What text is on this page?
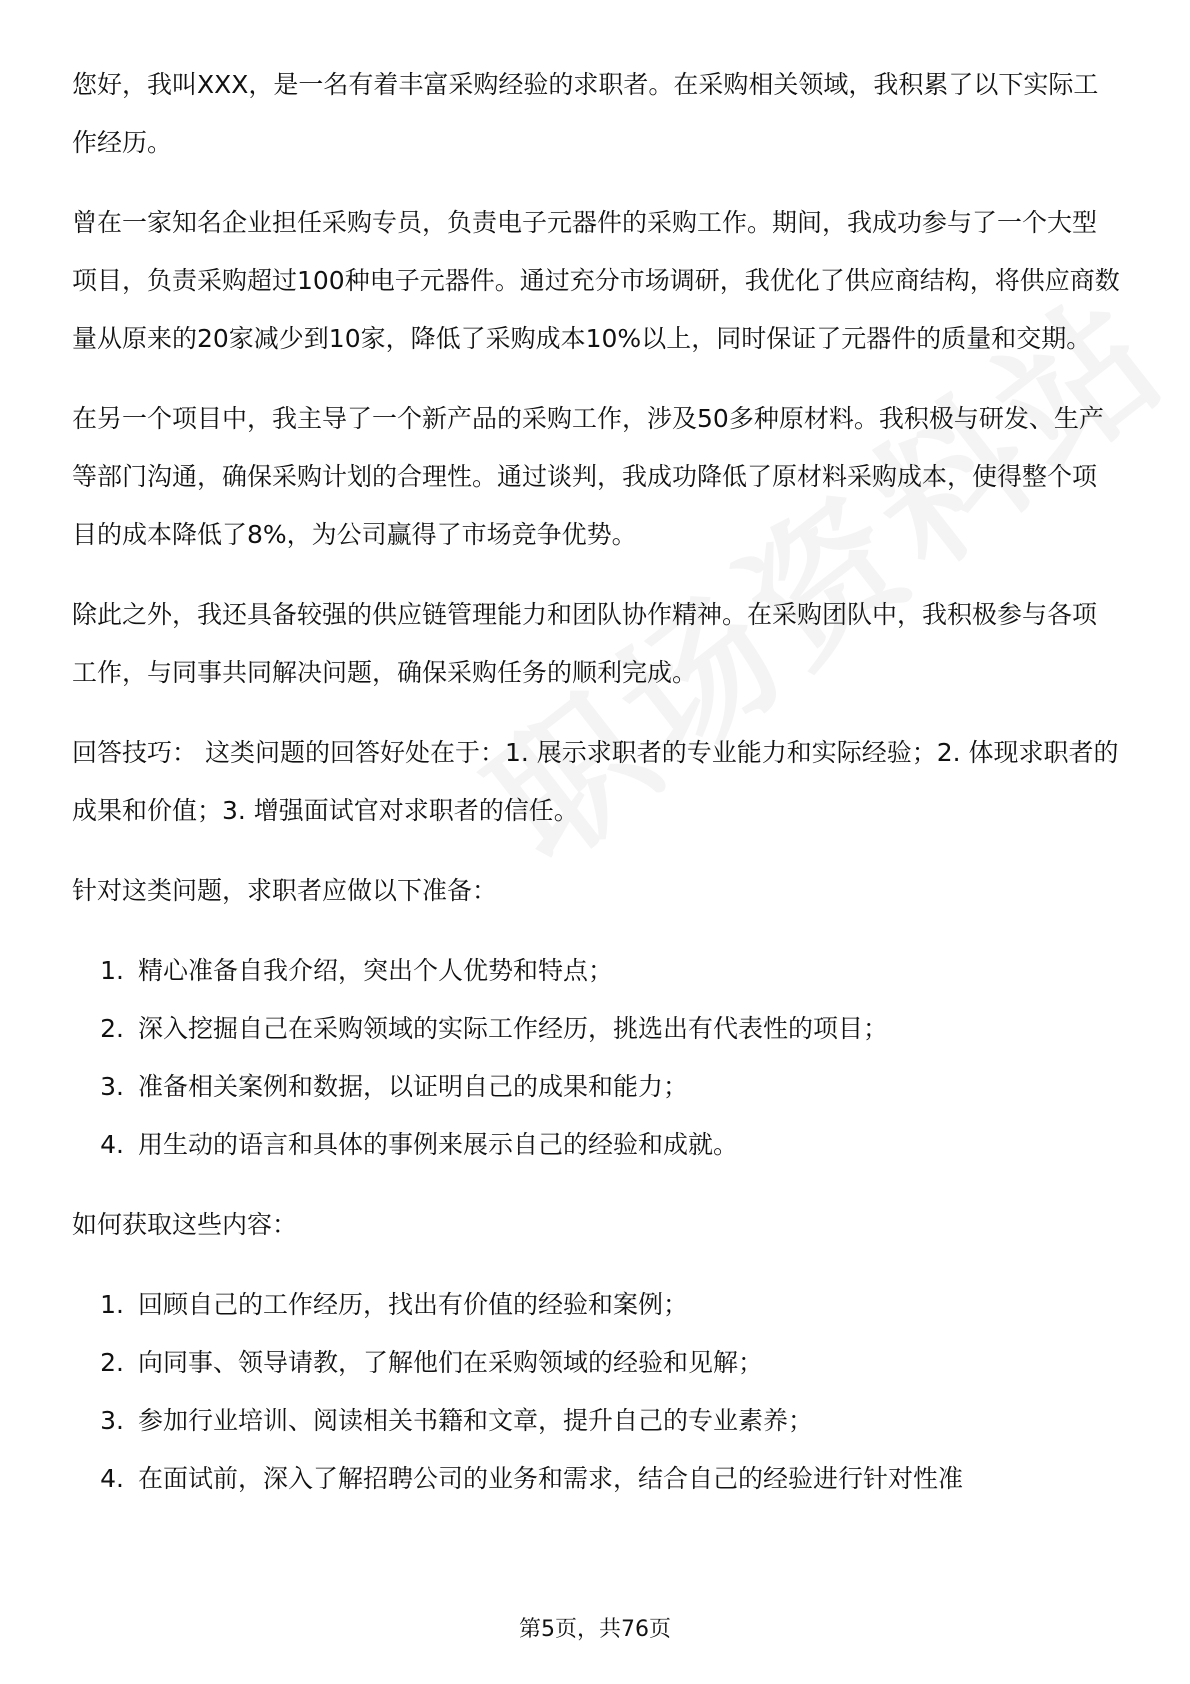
您好，我叫XXX，是一名有着丰富采购经验的求职者。在采购相关领域，我积累了以下实际工作经历。

曾在一家知名企业担任采购专员，负责电子元器件的采购工作。期间，我成功参与了一个大型项目，负责采购超过100种电子元器件。通过充分市场调研，我优化了供应商结构，将供应商数量从原来的20家减少到10家，降低了采购成本10%以上，同时保证了元器件的质量和交期。

在另一个项目中，我主导了一个新产品的采购工作，涉及50多种原材料。我积极与研发、生产等部门沟通，确保采购计划的合理性。通过谈判，我成功降低了原材料采购成本，使得整个项目的成本降低了8%，为公司赢得了市场竞争优势。

除此之外，我还具备较强的供应链管理能力和团队协作精神。在采购团队中，我积极参与各项工作，与同事共同解决问题，确保采购任务的顺利完成。

回答技巧： 这类问题的回答好处在于：1. 展示求职者的专业能力和实际经验；2. 体现求职者的成果和价值；3. 增强面试官对求职者的信任。

针对这类问题，求职者应做以下准备：

1. 精心准备自我介绍，突出个人优势和特点；
2. 深入挖掘自己在采购领域的实际工作经历，挑选出有代表性的项目；
3. 准备相关案例和数据，以证明自己的成果和能力；
4. 用生动的语言和具体的事例来展示自己的经验和成就。

如何获取这些内容：

1. 回顾自己的工作经历，找出有价值的经验和案例；
2. 向同事、领导请教，了解他们在采购领域的经验和见解；
3. 参加行业培训、阅读相关书籍和文章，提升自己的专业素养；
4. 在面试前，深入了解招聘公司的业务和需求，结合自己的经验进行针对性准
第5页，共76页
